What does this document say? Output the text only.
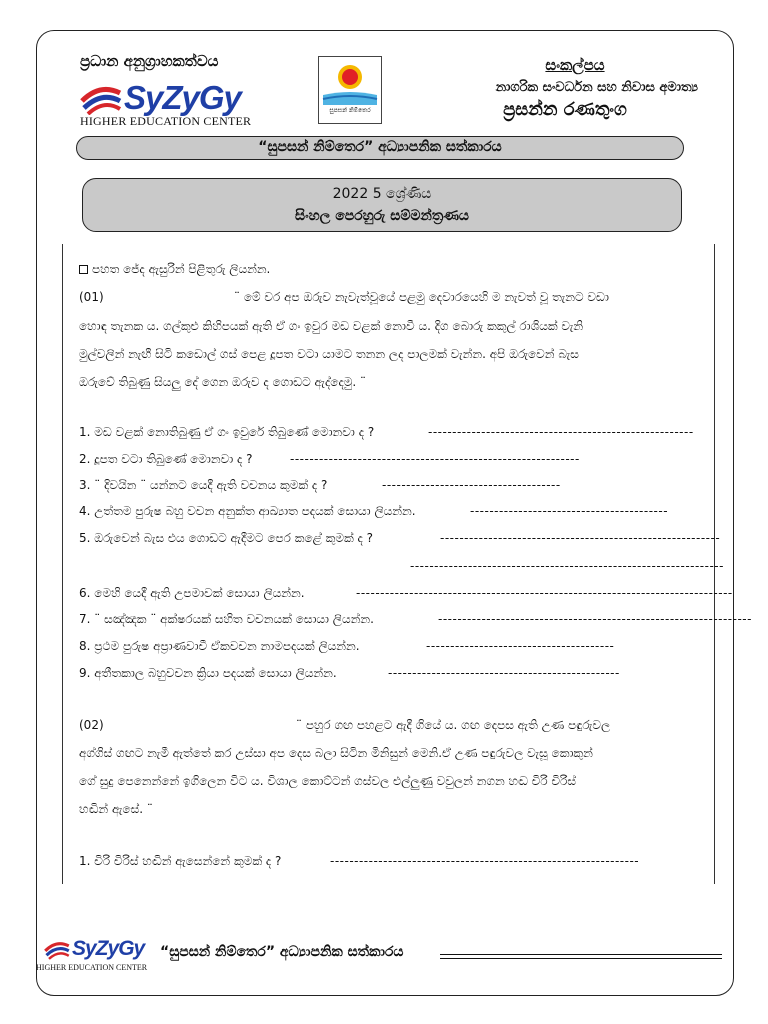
ප්‍රධාන අනුග්‍රාහකත්වය
SyZyGy
HIGHER EDUCATION CENTER
සුපසන් නිම්තෙර
සංකල්පය
නාගරික සංවර්ධන සහ නිවාස අමාත්‍ය
ප්‍රසන්න රණතුංග
“සුපසන් නිම්තෙර” අධ්‍යාපනික සත්කාරය
2022 5 ශ්‍රේණිය
සිංහල පෙරහුරු සම්මන්ත්‍රණය
පහත ජේද ඇසුරින් පිළිතුරු ලියන්න.
(01)	¨ මේ වර අප ඔරුව නැවැත්වූයේ පළමු දෙවාරයෙහි ම නැවත් වූ තැනට වඩා
හොඳ තැනක ය. ගල්කුළු කිහිපයක් ඇති ඒ ගං ඉවුර මඩ වළක් නොවී ය. දිග බොරු කකුල් රාශියක් වැනි
මුල්වලින් නැඟී සිටි කඩොල් ගස් පෙළ දූපත වටා යාමට තනන ලද පාලමක් වැන්න. අපි ඔරුවෙන් බැස
ඔරුවේ තිබුණු සියලු දේ ගෙන ඔරුව ද ගොඩට ඇද්දෙමු. ¨
1. මඩ වළක් නොතිබුණු ඒ ගං ඉවුරේ තිබුණේ මොනවා ද ?	-------------------------------------------------------
2. දූපත වටා තිබුණේ මොනවා ද ?	------------------------------------------------------------
3. ¨ දිවයින ¨ යන්නට යෙදී ඇති වචනය කුමක් ද ?	-------------------------------------
4. උත්තම පුරුෂ බහු වචන අනුක්ත ආඛ්‍යාත පදයක් සොයා ලියන්න.	-----------------------------------------
5. ඔරුවෙන් බැස එය ගොඩට ඇදීමට පෙර කළේ කුමක් ද ?	----------------------------------------------------------
-----------------------------------------------------------------
6. මෙහි යෙදී ඇති උපමාවක් සොයා ලියන්න.	------------------------------------------------------------------------------
7. ¨ සඤ්ඤක ¨ අක්ෂරයක් සහිත වචනයක් සොයා ලියන්න.	-----------------------------------------------------------------
8. ප්‍රථම පුරුෂ අප්‍රාණවාචී ඒකවචන නාමපදයක් ලියන්න.	---------------------------------------
9. අතීතකාල බහුවචන ක්‍රියා පදයක් සොයා ලියන්න.	------------------------------------------------
(02)	¨ පහුර ගඟ පහළට ඇදී ගියේ ය. ගඟ දෙපස ඇති උණ පඳුරුවල
අග්ගිස් ගඟට නැමී ඇත්තේ කර උස්සා අප දෙස බලා සිටින මිනිසුන් මෙනි.ඒ උණ පඳුරුවල වැසූ කොකුන්
ගේ සුදු පෙනෙන්නේ ඉගිලෙන විට ය. විශාල කොට්ටන් ගස්වල එල්ලුණු වවුලන් නගන හඬ චිරි චිරිස්
හඬින් ඇසේ. ¨
1. චිරි චිරිස් හඬින් ඇසෙන්නේ කුමක් ද ?	----------------------------------------------------------------
SyZyGy
HIGHER EDUCATION CENTER
“සුපසන් නිම්තෙර” අධ්‍යාපනික සත්කාරය
